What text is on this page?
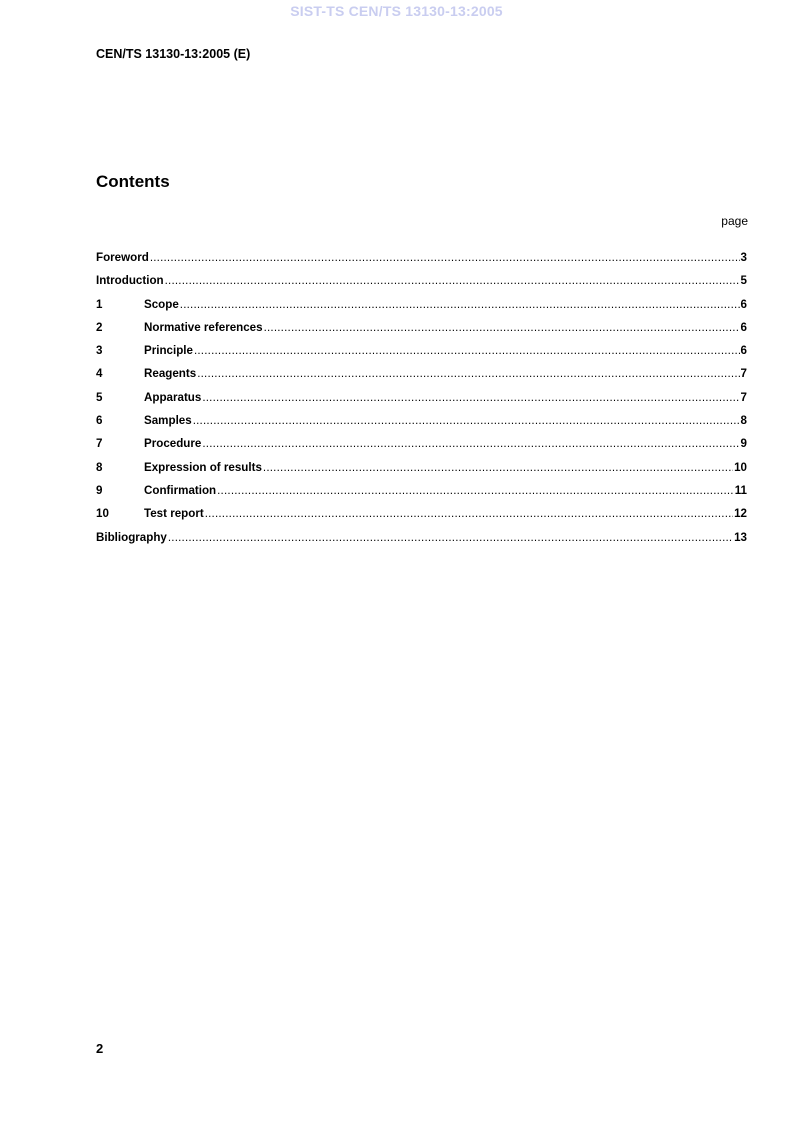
SIST-TS CEN/TS 13130-13:2005
CEN/TS 13130-13:2005 (E)
Contents
page
Foreword .....	3
Introduction .....	5
1	Scope .....	6
2	Normative references .....	6
3	Principle .....	6
4	Reagents .....	7
5	Apparatus .....	7
6	Samples .....	8
7	Procedure .....	9
8	Expression of results .....	10
9	Confirmation .....	11
10	Test report .....	12
Bibliography .....	13
2
